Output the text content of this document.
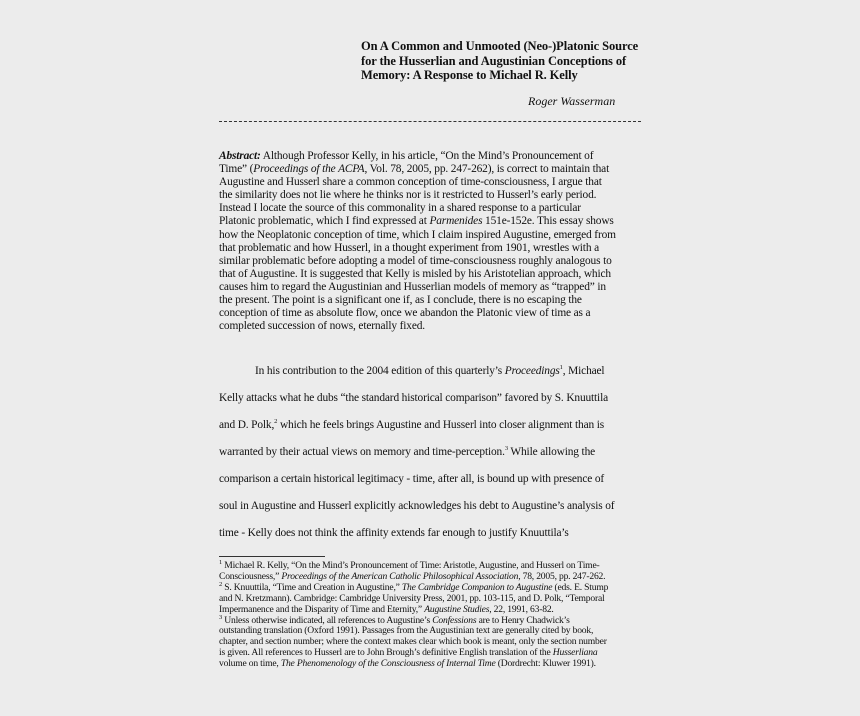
On A Common and Unmooted (Neo-)Platonic Source
for the Husserlian and Augustinian Conceptions of
Memory: A Response to Michael R. Kelly
Roger Wasserman
Abstract: Although Professor Kelly, in his article, “On the Mind’s Pronouncement of
Time” (Proceedings of the ACPA, Vol. 78, 2005, pp. 247-262), is correct to maintain that
Augustine and Husserl share a common conception of time-consciousness, I argue that
the similarity does not lie where he thinks nor is it restricted to Husserl’s early period.
Instead I locate the source of this commonality in a shared response to a particular
Platonic problematic, which I find expressed at Parmenides 151e-152e. This essay shows
how the Neoplatonic conception of time, which I claim inspired Augustine, emerged from
that problematic and how Husserl, in a thought experiment from 1901, wrestles with a
similar problematic before adopting a model of time-consciousness roughly analogous to
that of Augustine. It is suggested that Kelly is misled by his Aristotelian approach, which
causes him to regard the Augustinian and Husserlian models of memory as “trapped” in
the present. The point is a significant one if, as I conclude, there is no escaping the
conception of time as absolute flow, once we abandon the Platonic view of time as a
completed succession of nows, eternally fixed.
In his contribution to the 2004 edition of this quarterly’s Proceedings$^1$, Michael
Kelly attacks what he dubs “the standard historical comparison” favored by S. Knuuttila
and D. Polk,$^2$ which he feels brings Augustine and Husserl into closer alignment than is
warranted by their actual views on memory and time-perception.$^3$ While allowing the
comparison a certain historical legitimacy - time, after all, is bound up with presence of
soul in Augustine and Husserl explicitly acknowledges his debt to Augustine’s analysis of
time - Kelly does not think the affinity extends far enough to justify Knuuttila’s
$^1$ Michael R. Kelly, “On the Mind’s Pronouncement of Time: Aristotle, Augustine, and Husserl on Time-
Consciousness,” Proceedings of the American Catholic Philosophical Association, 78, 2005, pp. 247-262.
$^2$ S. Knuuttila, “Time and Creation in Augustine,” The Cambridge Companion to Augustine (eds. E. Stump
and N. Kretzmann). Cambridge: Cambridge University Press, 2001, pp. 103-115, and D. Polk, “Temporal
Impermanence and the Disparity of Time and Eternity,” Augustine Studies, 22, 1991, 63-82.
$^3$ Unless otherwise indicated, all references to Augustine’s Confessions are to Henry Chadwick’s
outstanding translation (Oxford 1991). Passages from the Augustinian text are generally cited by book,
chapter, and section number; where the context makes clear which book is meant, only the section number
is given. All references to Husserl are to John Brough’s definitive English translation of the Husserliana
volume on time, The Phenomenology of the Consciousness of Internal Time (Dordrecht: Kluwer 1991).
